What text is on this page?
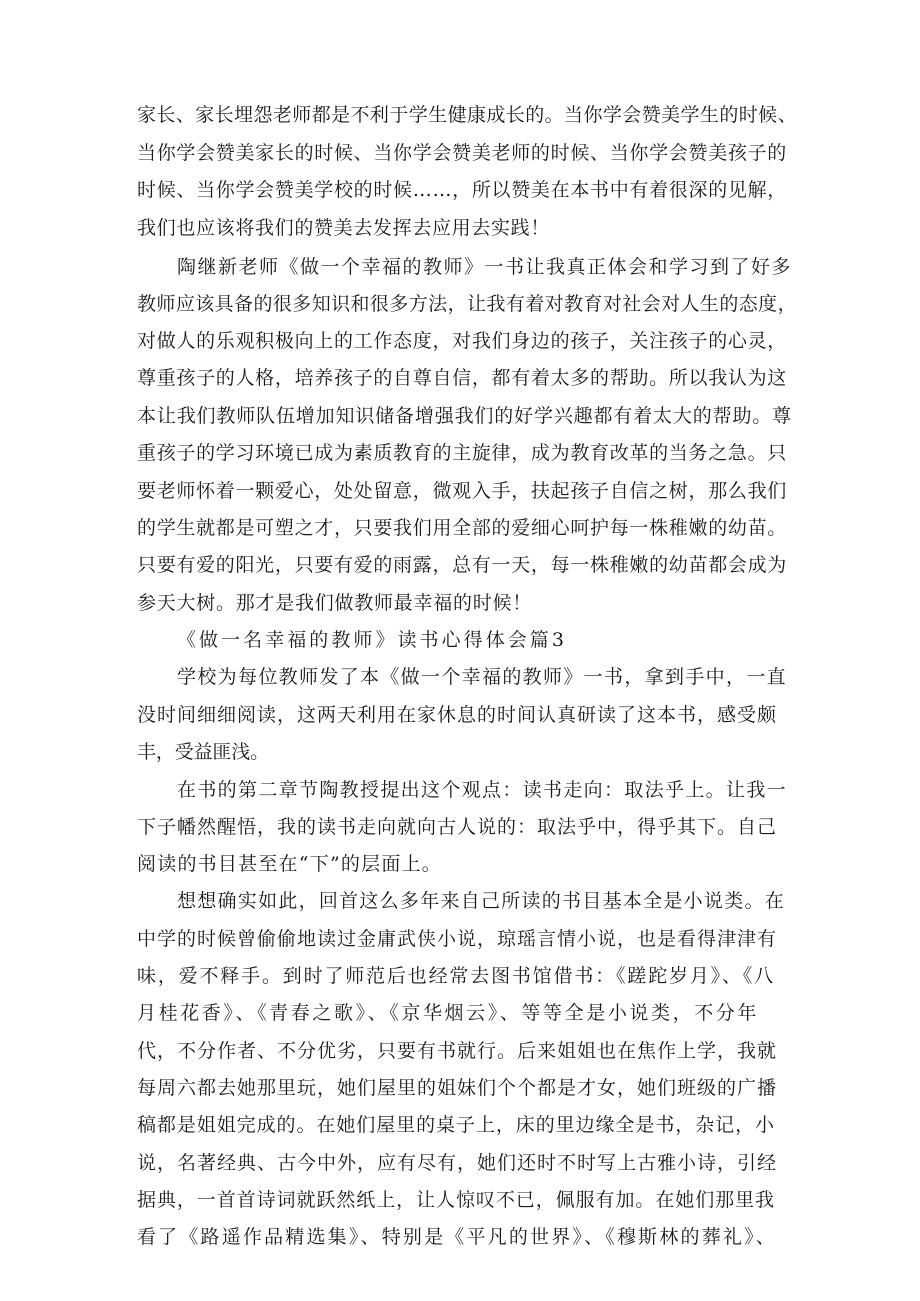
家长、家长埋怨老师都是不利于学生健康成长的。当你学会赞美学生的时候、
当你学会赞美家长的时候、当你学会赞美老师的时候、当你学会赞美孩子的
时候、当你学会赞美学校的时候……，所以赞美在本书中有着很深的见解，
我们也应该将我们的赞美去发挥去应用去实践！
陶继新老师《做一个幸福的教师》一书让我真正体会和学习到了好多
教师应该具备的很多知识和很多方法，让我有着对教育对社会对人生的态度，
对做人的乐观积极向上的工作态度，对我们身边的孩子，关注孩子的心灵，
尊重孩子的人格，培养孩子的自尊自信，都有着太多的帮助。所以我认为这
本让我们教师队伍增加知识储备增强我们的好学兴趣都有着太大的帮助。尊
重孩子的学习环境已成为素质教育的主旋律，成为教育改革的当务之急。只
要老师怀着一颗爱心，处处留意，微观入手，扶起孩子自信之树，那么我们
的学生就都是可塑之才，只要我们用全部的爱细心呵护每一株稚嫩的幼苗。
只要有爱的阳光，只要有爱的雨露，总有一天，每一株稚嫩的幼苗都会成为
参天大树。那才是我们做教师最幸福的时候！
《做一名幸福的教师》读书心得体会篇3
学校为每位教师发了本《做一个幸福的教师》一书，拿到手中，一直
没时间细细阅读，这两天利用在家休息的时间认真研读了这本书，感受颇
丰，受益匪浅。
在书的第二章节陶教授提出这个观点：读书走向：取法乎上。让我一
下子幡然醒悟，我的读书走向就向古人说的：取法乎中，得乎其下。自己
阅读的书目甚至在“下”的层面上。
想想确实如此，回首这么多年来自己所读的书目基本全是小说类。在
中学的时候曾偷偷地读过金庸武侠小说，琼瑶言情小说，也是看得津津有
味，爱不释手。到时了师范后也经常去图书馆借书：《蹉跎岁月》、《八
月桂花香》、《青春之歌》、《京华烟云》、等等全是小说类，不分年
代，不分作者、不分优劣，只要有书就行。后来姐姐也在焦作上学，我就
每周六都去她那里玩，她们屋里的姐妹们个个都是才女，她们班级的广播
稿都是姐姐完成的。在她们屋里的桌子上，床的里边缘全是书，杂记，小
说，名著经典、古今中外，应有尽有，她们还时不时写上古雅小诗，引经
据典，一首首诗词就跃然纸上，让人惊叹不已，佩服有加。在她们那里我
看了《路遥作品精选集》、特别是《平凡的世界》、《穆斯林的葬礼》、
